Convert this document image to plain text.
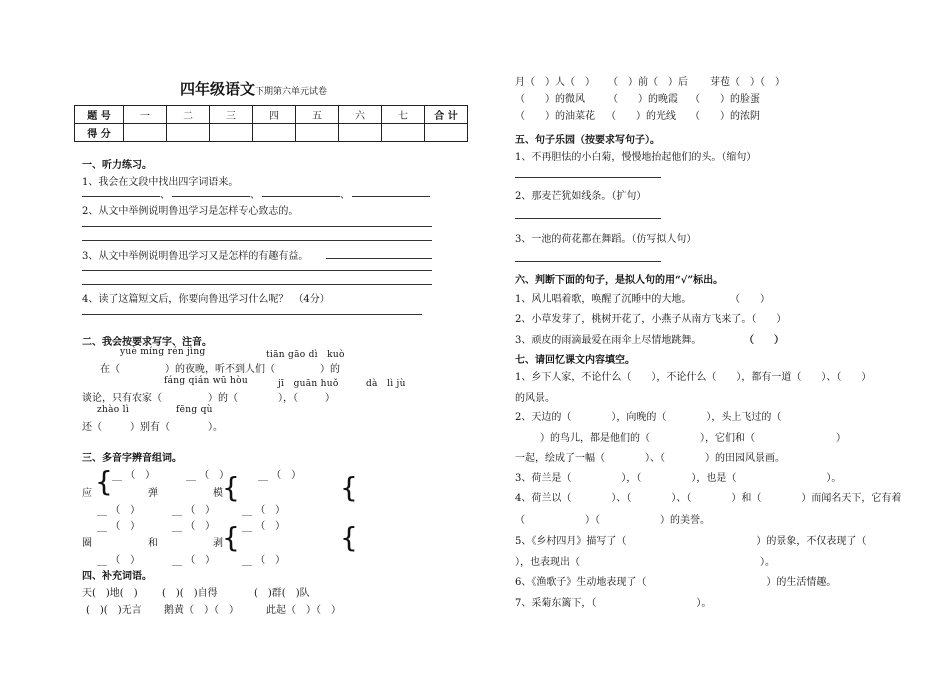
四年级语文下期第六单元试卷
题 号	一	二	三	四	五	六	七	合 计
得 分								
一、听力练习。
1、我会在文段中找出四字词语来。
、	、	、
2、从文中举例说明鲁迅学习是怎样专心致志的。
3、从文中举例说明鲁迅学习又是怎样的有趣有益。
4、读了这篇短文后，你要向鲁迅学习什么呢？　（4分）
二、我会按要求写字、注音。
yuè míng rén jìng	tiān gāo dì　kuò
在（	）的夜晚，听不到人们（	）的
fáng qián wū hòu	jī　guān huǒ	dà　lì jù
谈论，只有农家（	）的（	），（	）
zhào lì	fēng qù
还（	）别有（	）。
三、多音字辨音组词。
__ （　）	__ （　）	__ （　）
应 {	弹	模 {	{
__ （　）	__ （　）	__ （　）
__ （　）	__ （　）	__ （　）
圈	和	剥 {	{
__ （　）	__ （　）	__ （　）
四、补充词语。
天(　)地(　) (　)(　)自得	(　)群(　)队
(　)(　)无言 鹅黄（　）（　）	此起（　）（　）
月（　）人（　） （　）前（　）后 芽苞（　）（　）
（　　）的微风 （　　）的晚霞 （　　）的脸蛋
（　　）的油菜花 （　　）的光线 （　　）的浓阴
五、句子乐园（按要求写句子）。
1、不再胆怯的小白菊，慢慢地抬起他们的头。（缩句）
2、那麦芒犹如线条。（扩句）
3、一池的荷花都在舞蹈。（仿写拟人句）
六、判断下面的句子，是拟人句的用“√”标出。
1、风儿唱着歌，唤醒了沉睡中的大地。	（　　）
2、小草发芽了，桃树开花了，小燕子从南方飞来了。（　　）
3、顽皮的雨滴最爱在雨伞上尽情地跳舞。	（　　）
七、请回忆课文内容填空。
1、乡下人家，不论什么（　　），不论什么（　　），都有一道（　　）、（　　）
的风景。
2、天边的（　　　　），向晚的（　　　　），头上飞过的（
）的鸟儿，都是他们的（	），它们和（	）
一起，绘成了一幅（　　　　）、（　　　　）的田园风景画。
3、荷兰是（　　　　　），（　　　　　），也是（　　　　　　　　　）。
4、荷兰以（　　　　）、（　　　　）、（　　　　）和（　　　　）而闻名天下，它有着
（　　　　　　）（　　　　　　）的美誉。
5、《乡村四月》描写了（　　　　　　　　　　　　　）的景象，不仅表现了（
），也表现出（　　　　　　　　　　　　　　　　　　）。
6、《渔歌子》生动地表现了（　　　　　　　　　　　　）的生活情趣。
7、采菊东篱下，（　　　　　　　　　　）。
